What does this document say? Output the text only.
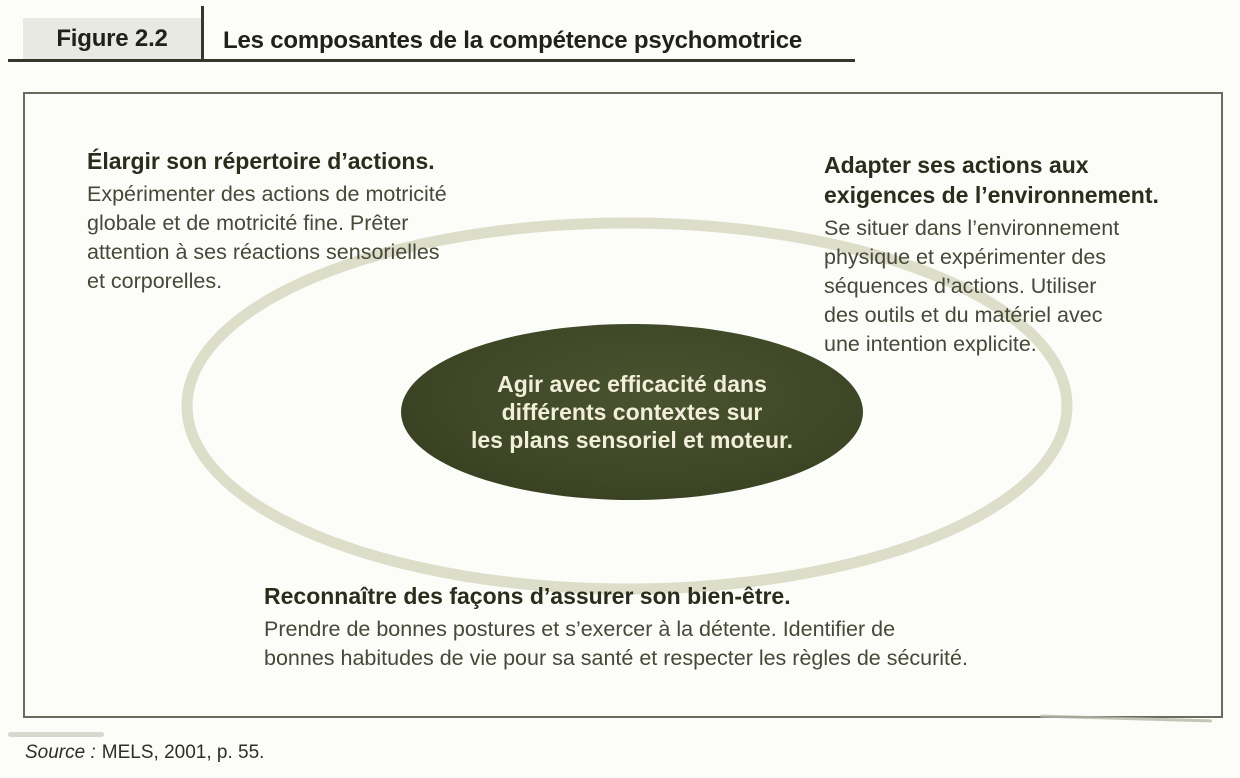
Figure 2.2 Les composantes de la compétence psychomotrice
Agir avec efficacité dans
différents contextes sur
les plans sensoriel et moteur.
Élargir son répertoire d’actions.
Expérimenter des actions de motricité
globale et de motricité fine. Prêter
attention à ses réactions sensorielles
et corporelles.
Adapter ses actions aux
exigences de l’environnement.
Se situer dans l’environnement
physique et expérimenter des
séquences d’actions. Utiliser
des outils et du matériel avec
une intention explicite.
Reconnaître des façons d’assurer son bien-être.
Prendre de bonnes postures et s’exercer à la détente. Identifier de
bonnes habitudes de vie pour sa santé et respecter les règles de sécurité.
Source : MELS, 2001, p. 55.
